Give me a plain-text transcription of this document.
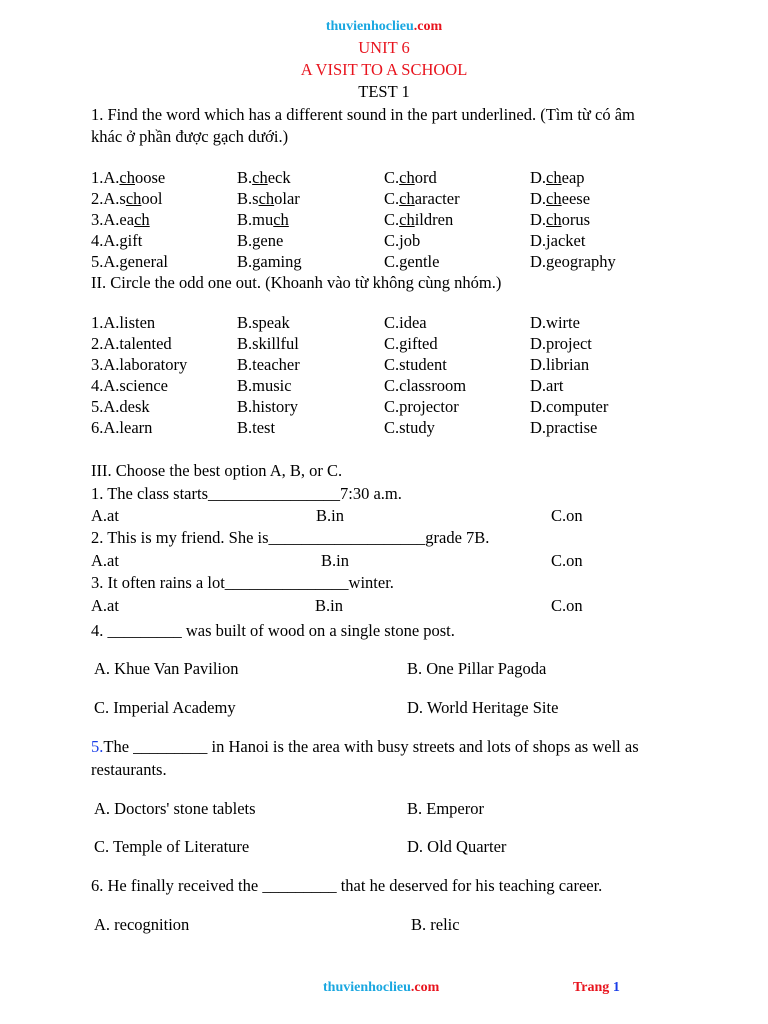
thuvienhoclieu.com
UNIT 6
A VISIT TO A SCHOOL
TEST 1
1. Find the word which has a different sound in the part underlined. (Tìm từ có âm
khác ở phần được gạch dưới.)
1.A.choose	B.check	C.chord	D.cheap
2.A.school	B.scholar	C.character	D.cheese
3.A.each	B.much	C.children	D.chorus
4.A.gift	B.gene	C.job	D.jacket
5.A.general	B.gaming	C.gentle	D.geography
II. Circle the odd one out. (Khoanh vào từ không cùng nhóm.)
1.A.listen	B.speak	C.idea	D.wirte
2.A.talented	B.skillful	C.gifted	D.project
3.A.laboratory	B.teacher	C.student	D.librian
4.A.science	B.music	C.classroom	D.art
5.A.desk	B.history	C.projector	D.computer
6.A.learn	B.test	C.study	D.practise
III. Choose the best option A, B, or C.
1. The class starts________________7:30 a.m.
A.at	B.in	C.on
2. This is my friend. She is___________________grade 7B.
A.at	B.in	C.on
3. It often rains a lot_______________winter.
A.at	B.in	C.on
4. _________ was built of wood on a single stone post.
A. Khue Van Pavilion	B. One Pillar Pagoda
C. Imperial Academy	D. World Heritage Site
5.The _________ in Hanoi is the area with busy streets and lots of shops as well as
restaurants.
A. Doctors' stone tablets	B. Emperor
C. Temple of Literature	D. Old Quarter
6. He finally received the _________ that he deserved for his teaching career.
A. recognition	B. relic
thuvienhoclieu.com	Trang 1
